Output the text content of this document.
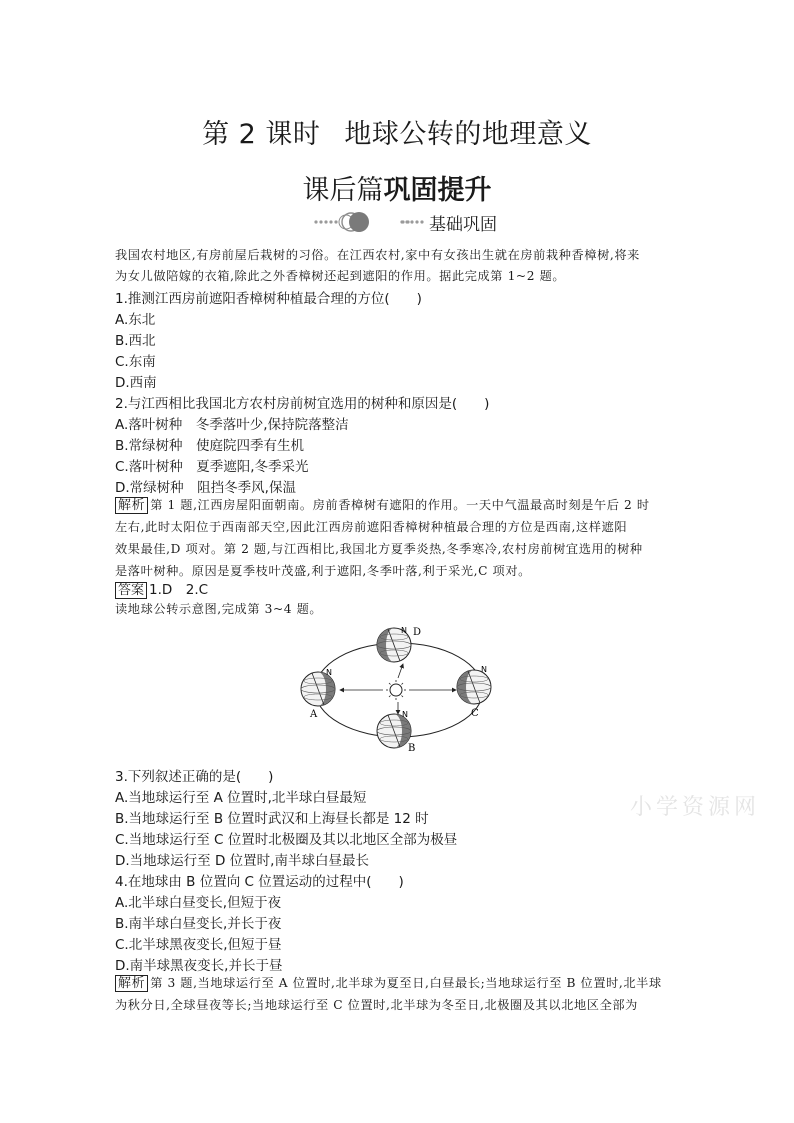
第 2 课时 地球公转的地理意义
课后篇巩固提升
基础巩固
我国农村地区,有房前屋后栽树的习俗。在江西农村,家中有女孩出生就在房前栽种香樟树,将来
为女儿做陪嫁的衣箱,除此之外香樟树还起到遮阳的作用。据此完成第 1~2 题。
1.推测江西房前遮阳香樟树种植最合理的方位(　　)
A.东北
B.西北
C.东南
D.西南
2.与江西相比我国北方农村房前树宜选用的树种和原因是(　　)
A.落叶树种　冬季落叶少,保持院落整洁
B.常绿树种　使庭院四季有生机
C.落叶树种　夏季遮阳,冬季采光
D.常绿树种　阻挡冬季风,保温
解析 第 1 题,江西房屋阳面朝南。房前香樟树有遮阳的作用。一天中气温最高时刻是午后 2 时
左右,此时太阳位于西南部天空,因此江西房前遮阳香樟树种植最合理的方位是西南,这样遮阳
效果最佳,D 项对。第 2 题,与江西相比,我国北方夏季炎热,冬季寒冷,农村房前树宜选用的树种
是落叶树种。原因是夏季枝叶茂盛,利于遮阳,冬季叶落,利于采光,C 项对。
答案 1.D　2.C
读地球公转示意图,完成第 3~4 题。
N D
N
A
N
C
N
B
小学资源网
3.下列叙述正确的是(　　)
A.当地球运行至 A 位置时,北半球白昼最短
B.当地球运行至 B 位置时武汉和上海昼长都是 12 时
C.当地球运行至 C 位置时北极圈及其以北地区全部为极昼
D.当地球运行至 D 位置时,南半球白昼最长
4.在地球由 B 位置向 C 位置运动的过程中(　　)
A.北半球白昼变长,但短于夜
B.南半球白昼变长,并长于夜
C.北半球黑夜变长,但短于昼
D.南半球黑夜变长,并长于昼
解析 第 3 题,当地球运行至 A 位置时,北半球为夏至日,白昼最长;当地球运行至 B 位置时,北半球
为秋分日,全球昼夜等长;当地球运行至 C 位置时,北半球为冬至日,北极圈及其以北地区全部为
